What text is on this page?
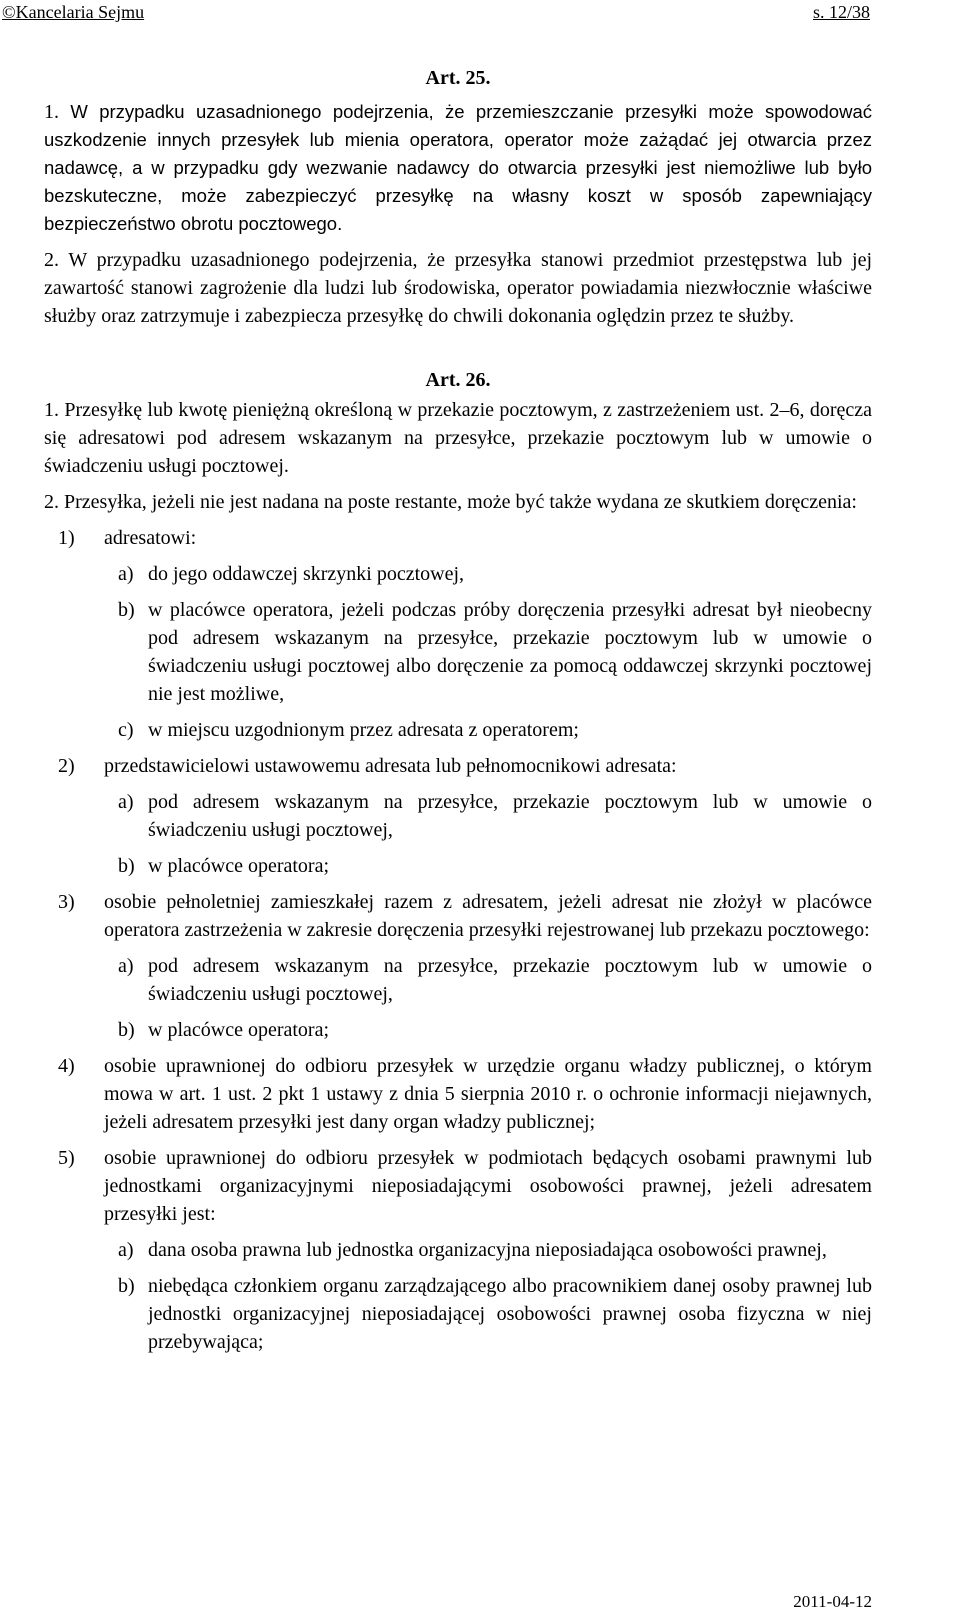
©Kancelaria Sejmu	s. 12/38
Art. 25.

1. W przypadku uzasadnionego podejrzenia, że przemieszczanie przesyłki może spowodować uszkodzenie innych przesyłek lub mienia operatora, operator może zażądać jej otwarcia przez nadawcę, a w przypadku gdy wezwanie nadawcy do otwarcia przesyłki jest niemożliwe lub było bezskuteczne, może zabezpieczyć przesyłkę na własny koszt w sposób zapewniający bezpieczeństwo obrotu pocztowego.

2. W przypadku uzasadnionego podejrzenia, że przesyłka stanowi przedmiot przestępstwa lub jej zawartość stanowi zagrożenie dla ludzi lub środowiska, operator powiadamia niezwłocznie właściwe służby oraz zatrzymuje i zabezpiecza przesyłkę do chwili dokonania oględzin przez te służby.

Art. 26.

1. Przesyłkę lub kwotę pieniężną określoną w przekazie pocztowym, z zastrzeżeniem ust. 2–6, doręcza się adresatowi pod adresem wskazanym na przesyłce, przekazie pocztowym lub w umowie o świadczeniu usługi pocztowej.

2. Przesyłka, jeżeli nie jest nadana na poste restante, może być także wydana ze skutkiem doręczenia:

1)	adresatowi:

a) do jego oddawczej skrzynki pocztowej,

b) w placówce operatora, jeżeli podczas próby doręczenia przesyłki adresat był nieobecny pod adresem wskazanym na przesyłce, przekazie pocztowym lub w umowie o świadczeniu usługi pocztowej albo doręczenie za pomocą oddawczej skrzynki pocztowej nie jest możliwe,

c) w miejscu uzgodnionym przez adresata z operatorem;

2)	przedstawicielowi ustawowemu adresata lub pełnomocnikowi adresata:

a) pod adresem wskazanym na przesyłce, przekazie pocztowym lub w umowie o świadczeniu usługi pocztowej,

b) w placówce operatora;

3)	osobie pełnoletniej zamieszkałej razem z adresatem, jeżeli adresat nie złożył w placówce operatora zastrzeżenia w zakresie doręczenia przesyłki rejestrowanej lub przekazu pocztowego:

a) pod adresem wskazanym na przesyłce, przekazie pocztowym lub w umowie o świadczeniu usługi pocztowej,

b) w placówce operatora;

4)	osobie uprawnionej do odbioru przesyłek w urzędzie organu władzy publicznej, o którym mowa w art. 1 ust. 2 pkt 1 ustawy z dnia 5 sierpnia 2010 r. o ochronie informacji niejawnych, jeżeli adresatem przesyłki jest dany organ władzy publicznej;

5)	osobie uprawnionej do odbioru przesyłek w podmiotach będących osobami prawnymi lub jednostkami organizacyjnymi nieposiadającymi osobowości prawnej, jeżeli adresatem przesyłki jest:

a) dana osoba prawna lub jednostka organizacyjna nieposiadająca osobowości prawnej,

b) niebędąca członkiem organu zarządzającego albo pracownikiem danej osoby prawnej lub jednostki organizacyjnej nieposiadającej osobowości prawnej osoba fizyczna w niej przebywająca;

2011-04-12
